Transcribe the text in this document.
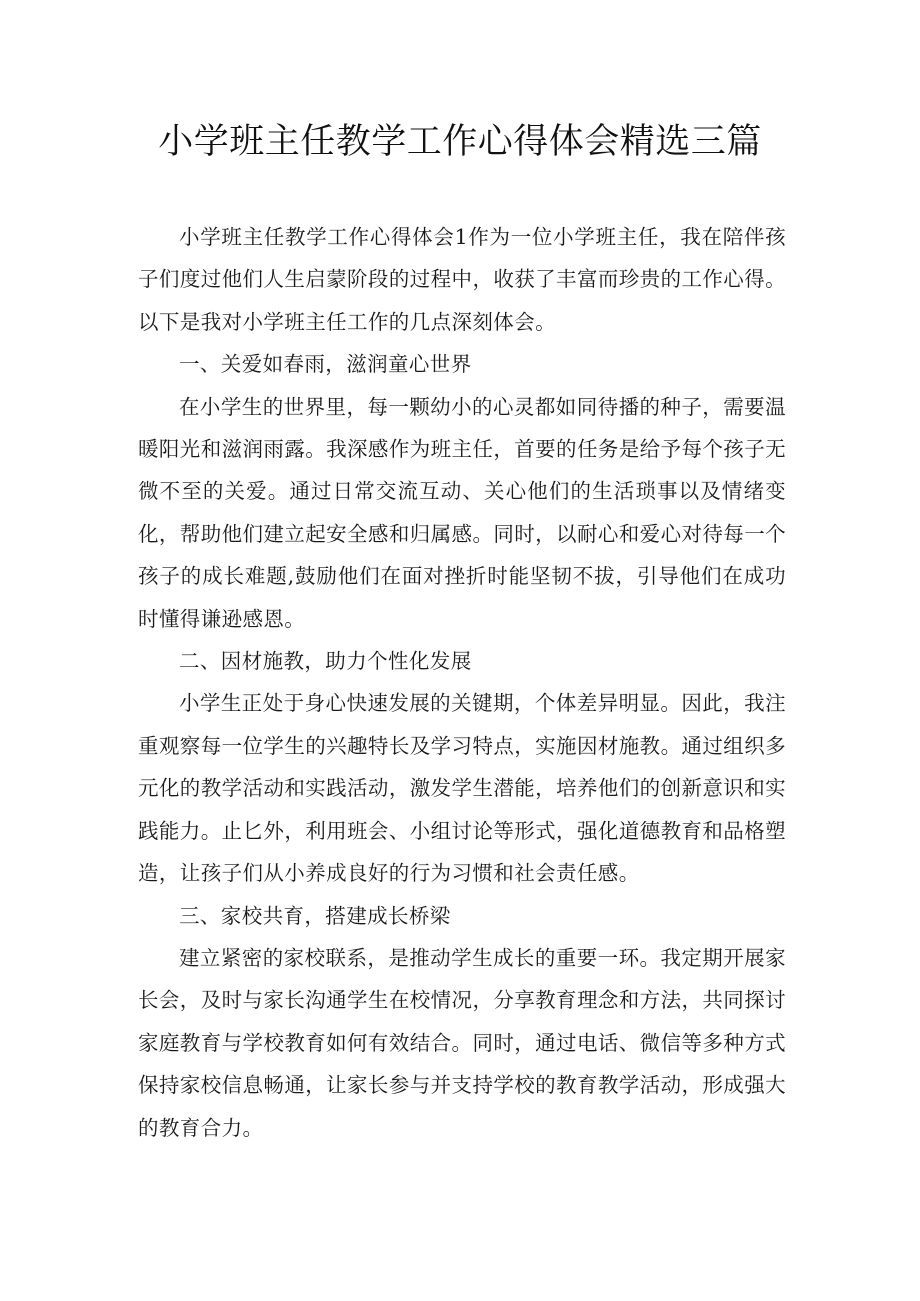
小学班主任教学工作心得体会精选三篇

小学班主任教学工作心得体会1作为一位小学班主任，我在陪伴孩子们度过他们人生启蒙阶段的过程中，收获了丰富而珍贵的工作心得。以下是我对小学班主任工作的几点深刻体会。

一、关爱如春雨，滋润童心世界

在小学生的世界里，每一颗幼小的心灵都如同待播的种子，需要温暖阳光和滋润雨露。我深感作为班主任，首要的任务是给予每个孩子无微不至的关爱。通过日常交流互动、关心他们的生活琐事以及情绪变化，帮助他们建立起安全感和归属感。同时，以耐心和爱心对待每一个孩子的成长难题,鼓励他们在面对挫折时能坚韧不拔，引导他们在成功时懂得谦逊感恩。

二、因材施教，助力个性化发展

小学生正处于身心快速发展的关键期，个体差异明显。因此，我注重观察每一位学生的兴趣特长及学习特点，实施因材施教。通过组织多元化的教学活动和实践活动，激发学生潜能，培养他们的创新意识和实践能力。止匕外，利用班会、小组讨论等形式，强化道德教育和品格塑造，让孩子们从小养成良好的行为习惯和社会责任感。

三、家校共育，搭建成长桥梁

建立紧密的家校联系，是推动学生成长的重要一环。我定期开展家长会，及时与家长沟通学生在校情况，分享教育理念和方法，共同探讨家庭教育与学校教育如何有效结合。同时，通过电话、微信等多种方式保持家校信息畅通，让家长参与并支持学校的教育教学活动，形成强大的教育合力。
